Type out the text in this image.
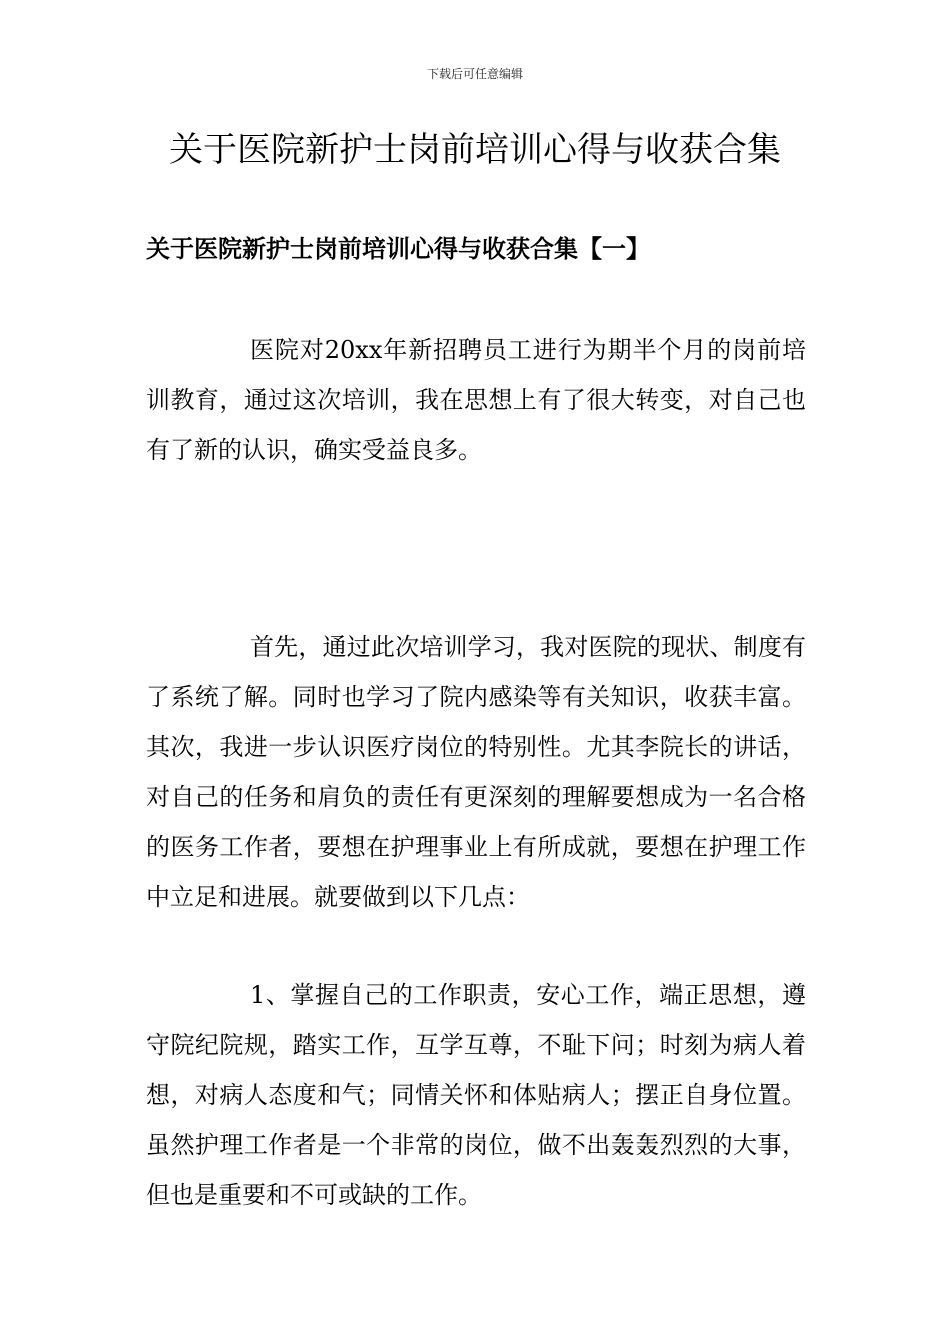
下载后可任意编辑
关于医院新护士岗前培训心得与收获合集
关于医院新护士岗前培训心得与收获合集【一】

医院对20xx年新招聘员工进行为期半个月的岗前培训教育，通过这次培训，我在思想上有了很大转变，对自己也有了新的认识，确实受益良多。

首先，通过此次培训学习，我对医院的现状、制度有了系统了解。同时也学习了院内感染等有关知识，收获丰富。其次，我进一步认识医疗岗位的特别性。尤其李院长的讲话，对自己的任务和肩负的责任有更深刻的理解要想成为一名合格的医务工作者，要想在护理事业上有所成就，要想在护理工作中立足和进展。就要做到以下几点：

1、掌握自己的工作职责，安心工作，端正思想，遵守院纪院规，踏实工作，互学互尊，不耻下问；时刻为病人着想，对病人态度和气；同情关怀和体贴病人；摆正自身位置。虽然护理工作者是一个非常的岗位，做不出轰轰烈烈的大事，但也是重要和不可或缺的工作。
